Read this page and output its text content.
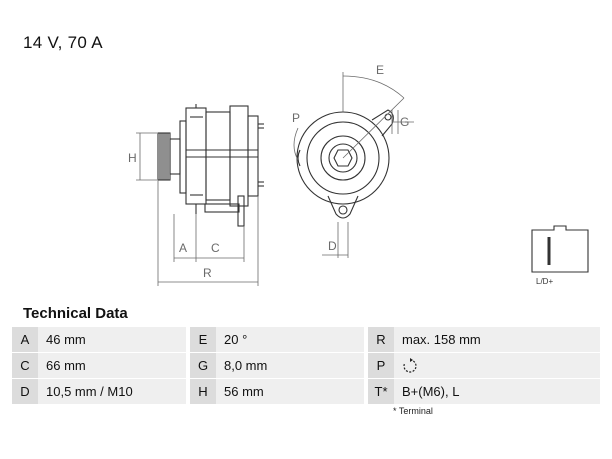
14 V, 70 A
H
A C
R
E
P	G
D
L/D+
Technical Data
A	46 mm		E	20 °		R	max. 158 mm
C	66 mm		G	8,0 mm		P	
D	10,5 mm / M10		H	56 mm		T*	B+(M6), L
* Terminal
